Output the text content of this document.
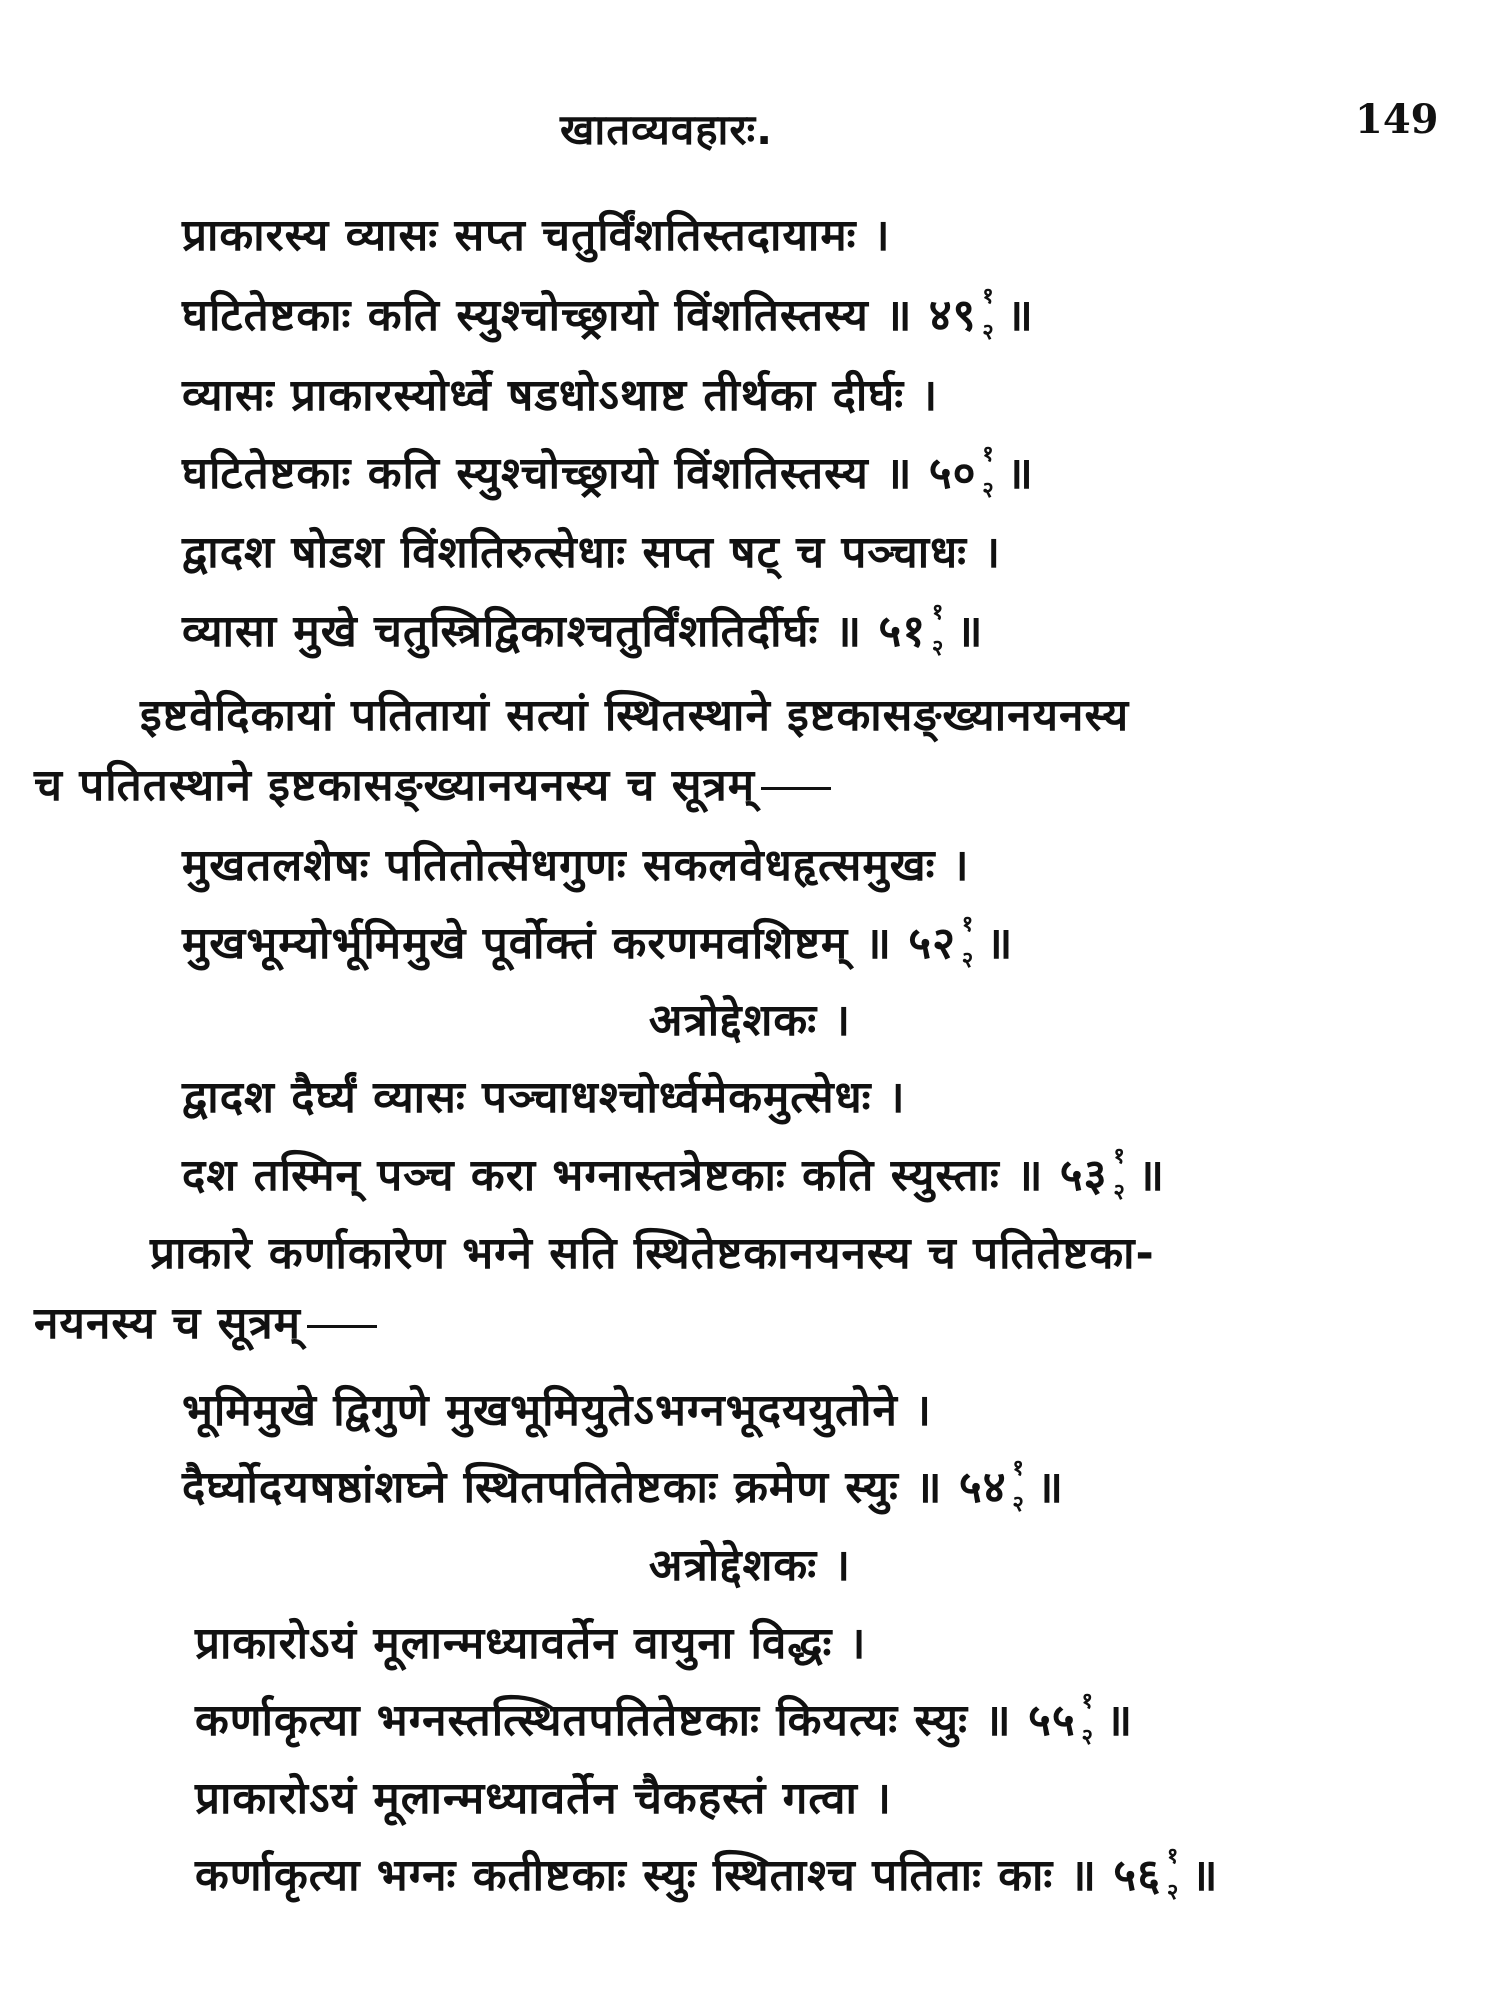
खातव्यवहारः.	149
प्राकारस्य व्यासः सप्त चतुर्विंशतिस्तदायामः ।
घटितेष्टकाः कति स्युश्चोच्छ्रायो विंशतिस्तस्य ॥ ४९ १
२ ॥
व्यासः प्राकारस्योर्ध्वे षडधोऽथाष्ट तीर्थका दीर्घः ।
घटितेष्टकाः कति स्युश्चोच्छ्रायो विंशतिस्तस्य ॥ ५० १
२ ॥
द्वादश षोडश विंशतिरुत्सेधाः सप्त षट् च पञ्चाधः ।
व्यासा मुखे चतुस्त्रिद्विकाश्चतुर्विंशतिर्दीर्घः ॥ ५१ १
२ ॥
इष्टवेदिकायां पतितायां सत्यां स्थितस्थाने इष्टकासङ्ख्यानयनस्य
च पतितस्थाने इष्टकासङ्ख्यानयनस्य च सूत्रम्
मुखतलशेषः पतितोत्सेधगुणः सकलवेधहृत्समुखः ।
मुखभूम्योर्भूमिमुखे पूर्वोक्तं करणमवशिष्टम् ॥ ५२ १
२ ॥
अत्रोद्देशकः ।
द्वादश दैर्घ्यं व्यासः पञ्चाधश्चोर्ध्वमेकमुत्सेधः ।
दश तस्मिन् पञ्च करा भग्नास्तत्रेष्टकाः कति स्युस्ताः ॥ ५३ १
२ ॥
प्राकारे कर्णाकारेण भग्ने सति स्थितेष्टकानयनस्य च पतितेष्टका-
नयनस्य च सूत्रम्
भूमिमुखे द्विगुणे मुखभूमियुतेऽभग्नभूदययुतोने ।
दैर्घ्योदयषष्ठांशघ्ने स्थितपतितेष्टकाः क्रमेण स्युः ॥ ५४ १
२ ॥
अत्रोद्देशकः ।
प्राकारोऽयं मूलान्मध्यावर्तेन वायुना विद्धः ।
कर्णाकृत्या भग्नस्तत्स्थितपतितेष्टकाः कियत्यः स्युः ॥ ५५ १
२ ॥
प्राकारोऽयं मूलान्मध्यावर्तेन चैकहस्तं गत्वा ।
कर्णाकृत्या भग्नः कतीष्टकाः स्युः स्थिताश्च पतिताः काः ॥ ५६ १
२ ॥
